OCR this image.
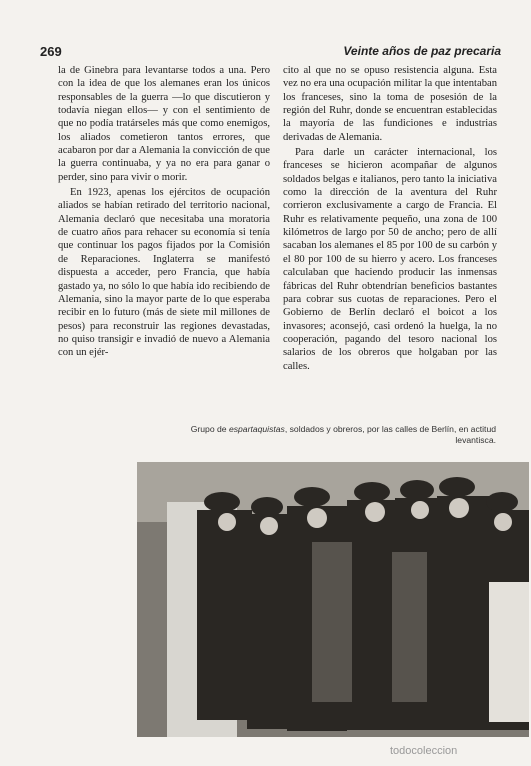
269	Veinte años de paz precaria

la de Ginebra para levantarse todos a una. Pero con la idea de que los alemanes eran los únicos responsables de la guerra —lo que discutieron y todavía niegan ellos— y con el sentimiento de que no podía tratárseles más que como enemigos, los aliados cometieron tantos errores, que acabaron por dar a Alemania la convicción de que la guerra continuaba, y ya no era para ganar o perder, sino para vivir o morir.

En 1923, apenas los ejércitos de ocupación aliados se habían retirado del territorio nacional, Alemania declaró que necesitaba una moratoria de cuatro años para rehacer su economía si tenía que continuar los pagos fijados por la Comisión de Reparaciones. Inglaterra se manifestó dispuesta a acceder, pero Francia, que había gastado ya, no sólo lo que había ido recibiendo de Alemania, sino la mayor parte de lo que esperaba recibir en lo futuro (más de siete mil millones de pesos) para reconstruir las regiones devastadas, no quiso transigir e invadió de nuevo a Alemania con un ejér-

cito al que no se opuso resistencia alguna. Esta vez no era una ocupación militar la que intentaban los franceses, sino la toma de posesión de la región del Ruhr, donde se encuentran establecidas la mayoría de las fundiciones e industrias derivadas de Alemania.

Para darle un carácter internacional, los franceses se hicieron acompañar de algunos soldados belgas e italianos, pero tanto la iniciativa como la dirección de la aventura del Ruhr corrieron exclusivamente a cargo de Francia. El Ruhr es relativamente pequeño, una zona de 100 kilómetros de largo por 50 de ancho; pero de allí sacaban los alemanes el 85 por 100 de su carbón y el 80 por 100 de su hierro y acero. Los franceses calculaban que haciendo producir las inmensas fábricas del Ruhr obtendrían beneficios bastantes para cobrar sus cuotas de reparaciones. Pero el Gobierno de Berlín declaró el boicot a los invasores; aconsejó, casi ordenó la huelga, la no cooperación, pagando del tesoro nacional los salarios de los obreros que holgaban por las calles.

Grupo de espartaquistas, soldados y obreros, por las calles de Berlín, en actitud levantisca.
todocoleccion
